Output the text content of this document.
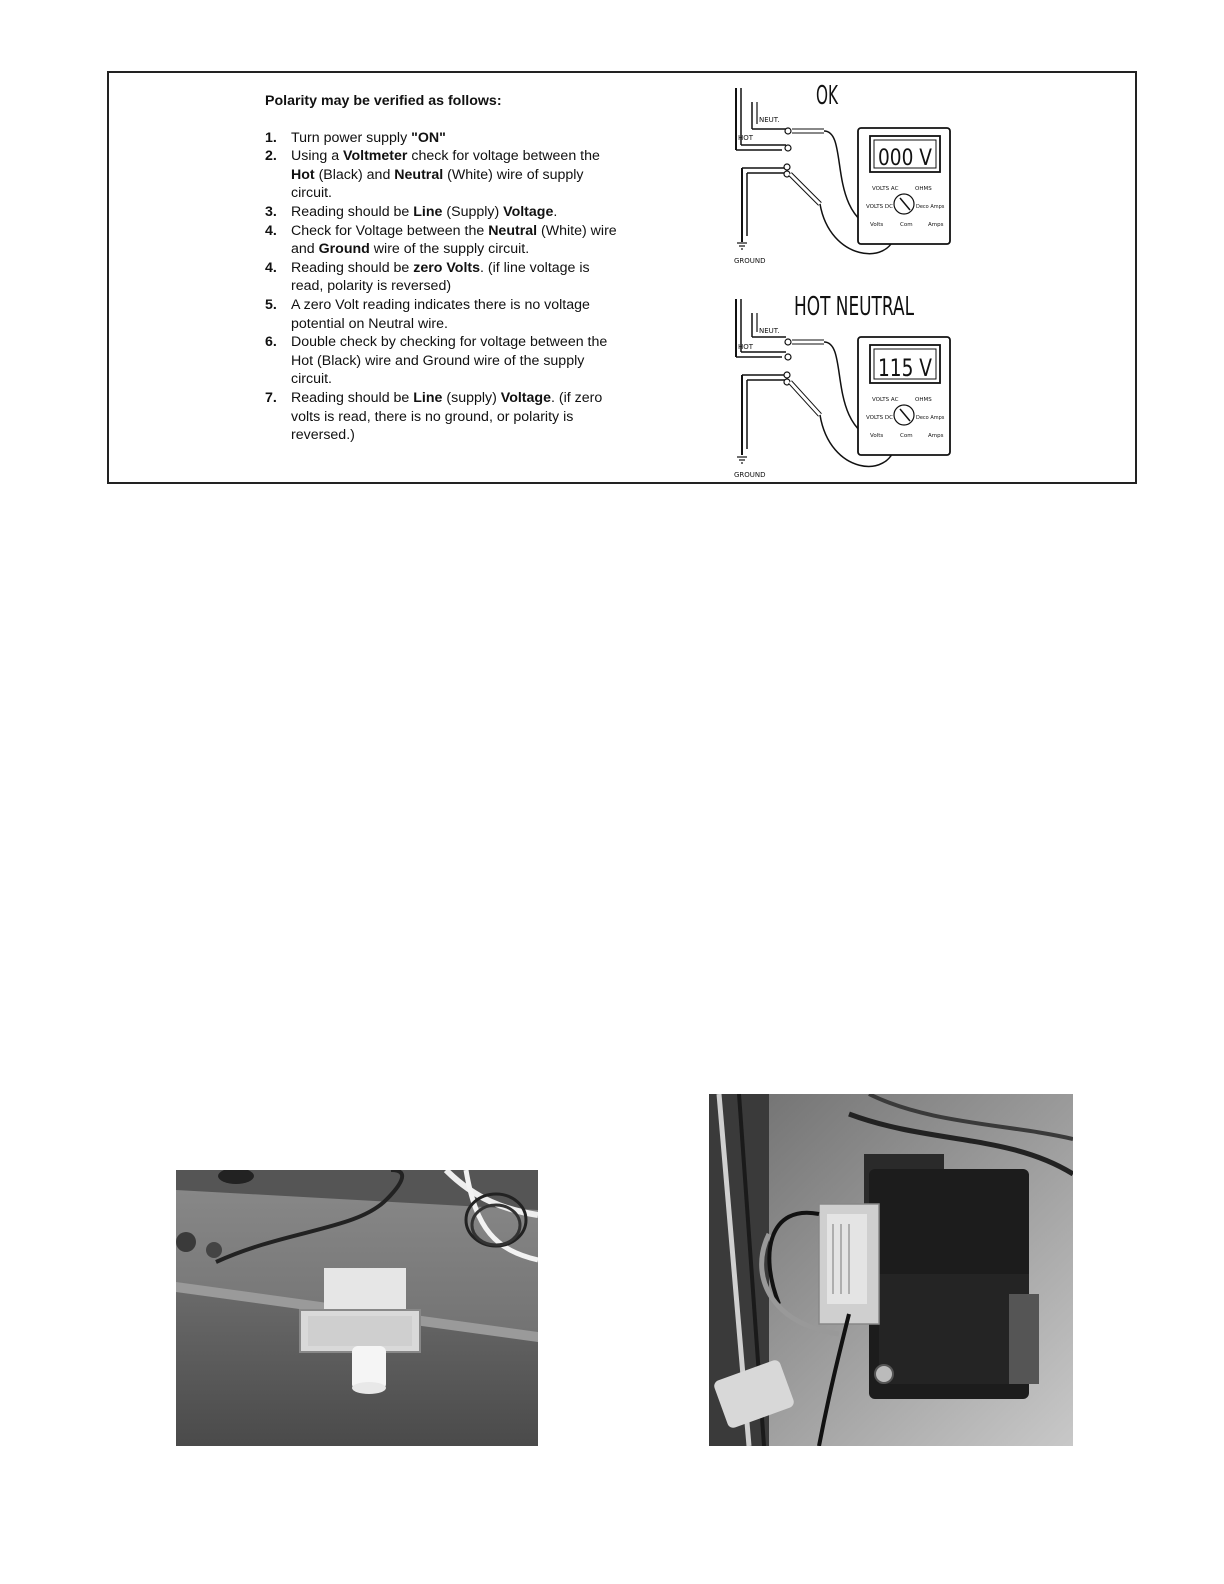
Polarity may be verified as follows:
1. Turn power supply "ON"
2. Using a Voltmeter check for voltage between the Hot (Black) and Neutral (White) wire of supply circuit.
3. Reading should be Line (Supply) Voltage.
4. Check for Voltage between the Neutral (White) wire and Ground wire of the supply circuit.
4. Reading should be zero Volts. (if line voltage is read, polarity is reversed)
5. A zero Volt reading indicates there is no voltage potential on Neutral wire.
6. Double check by checking for voltage between the Hot (Black) wire and Ground wire of the supply circuit.
7. Reading should be Line (supply) Voltage. (if zero volts is read, there is no ground, or polarity is reversed.)
OK
HOT
NEUT.
GROUND
000 V
VOLTS AC	OHMS
VOLTS DC	Deco Amps
Volts	Com	Amps
HOT NEUTRAL
HOT
NEUT.
GROUND
115 V
VOLTS AC	OHMS
VOLTS DC	Deco Amps
Volts	Com	Amps
